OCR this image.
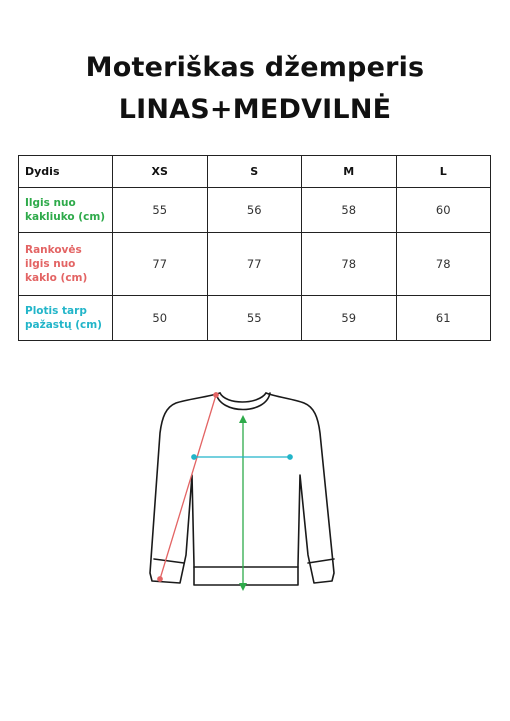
Moteriškas džemperis
LINAS+MEDVILNĖ
Dydis	XS	S	M	L
Ilgis nuo
kakliuko (cm)	55	56	58	60
Rankovės
ilgis nuo
kaklo (cm)	77	77	78	78
Plotis tarp
pažastų (cm)	50	55	59	61
